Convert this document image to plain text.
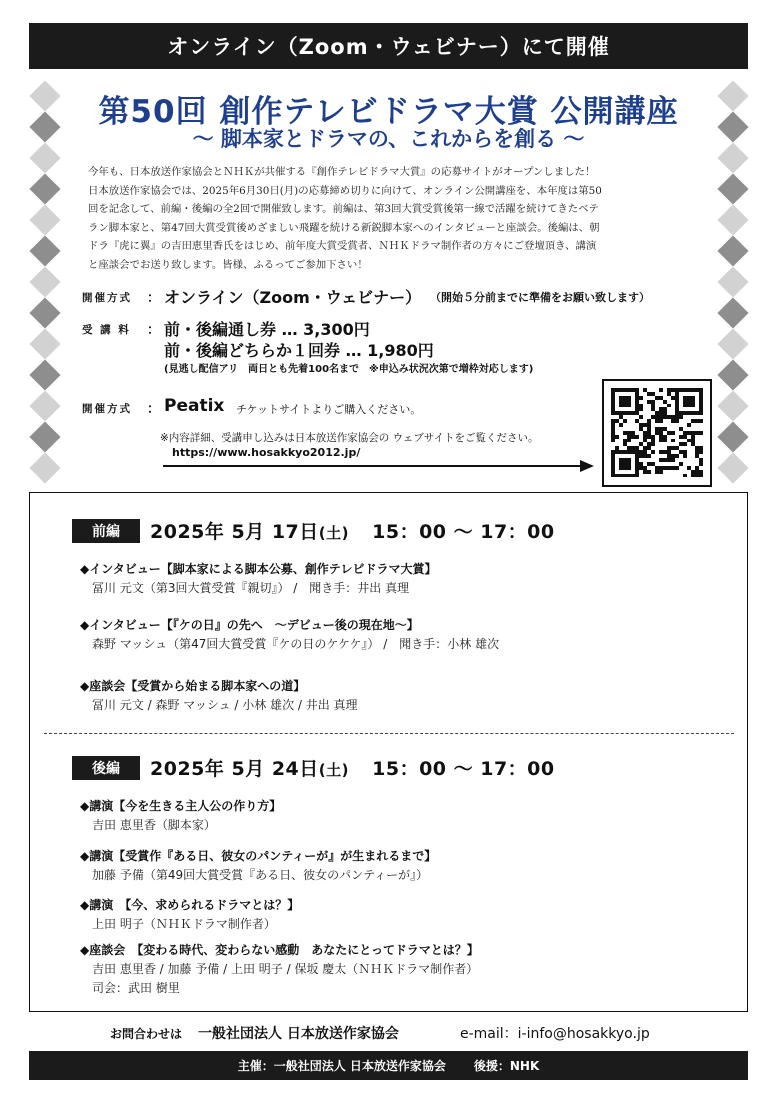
オンライン（Zoom・ウェビナー）にて開催
第50回 創作テレビドラマ大賞 公開講座
〜 脚本家とドラマの、これからを創る 〜

今年も、日本放送作家協会とＮＨＫが共催する『創作テレビドラマ大賞』の応募サイトがオープンしました！

日本放送作家協会では、2025年6月30日(月)の応募締め切りに向けて、オンライン公開講座を、本年度は第50

回を記念して、前編・後編の全2回で開催致します。前編は、第3回大賞受賞後第一線で活躍を続けてきたベテ

ラン脚本家と、第47回大賞受賞後めざましい飛躍を続ける新鋭脚本家へのインタビューと座談会。後編は、朝

ドラ『虎に翼』の吉田恵里香氏をはじめ、前年度大賞受賞者、ＮＨＫドラマ制作者の方々にご登壇頂き、講演

と座談会でお送り致します。皆様、ふるってご参加下さい！

開催方式 ： オンライン（Zoom・ウェビナー） （開始５分前までに準備をお願い致します）
受 講 料 ： 前・後編通し券 … 3,300円
前・後編どちらか１回券 … 1,980円
(見逃し配信アリ　両日とも先着100名まで　※申込み状況次第で増枠対応します)
開催方式 ： Peatix チケットサイトよりご購入ください。
※内容詳細、受講申し込みは日本放送作家協会の ウェブサイトをご覧ください。
https://www.hosakkyo2012.jp/
前編	2025年 5月 17日(土) 15：00 〜 17：00
◆インタビュー【脚本家による脚本公募、創作テレビドラマ大賞】
冨川 元文（第3回大賞受賞『親切』） /　聞き手：井出 真理
◆インタビュー【『ケの日』の先へ　〜デビュー後の現在地〜】
森野 マッシュ（第47回大賞受賞『ケの日のケケケ』） /　聞き手：小林 雄次
◆座談会【受賞から始まる脚本家への道】
冨川 元文 / 森野 マッシュ / 小林 雄次 / 井出 真理
後編	2025年 5月 24日(土) 15：00 〜 17：00
◆講演【今を生きる主人公の作り方】
吉田 恵里香（脚本家）
◆講演【受賞作『ある日、彼女のパンティーが』が生まれるまで】
加藤 予備（第49回大賞受賞『ある日、彼女のパンティーが』）
◆講演　【今、求められるドラマとは？】
上田 明子（ＮＨＫドラマ制作者）
◆座談会　【変わる時代、変わらない感動　あなたにとってドラマとは？】
吉田 恵里香 / 加藤 予備 / 上田 明子 / 保坂 慶太（ＮＨＫドラマ制作者）
司会：武田 樹里
お問合わせは 一般社団法人 日本放送作家協会	e-mail：i-info@hosakkyo.jp
主催：一般社団法人 日本放送作家協会 後援：NHK
